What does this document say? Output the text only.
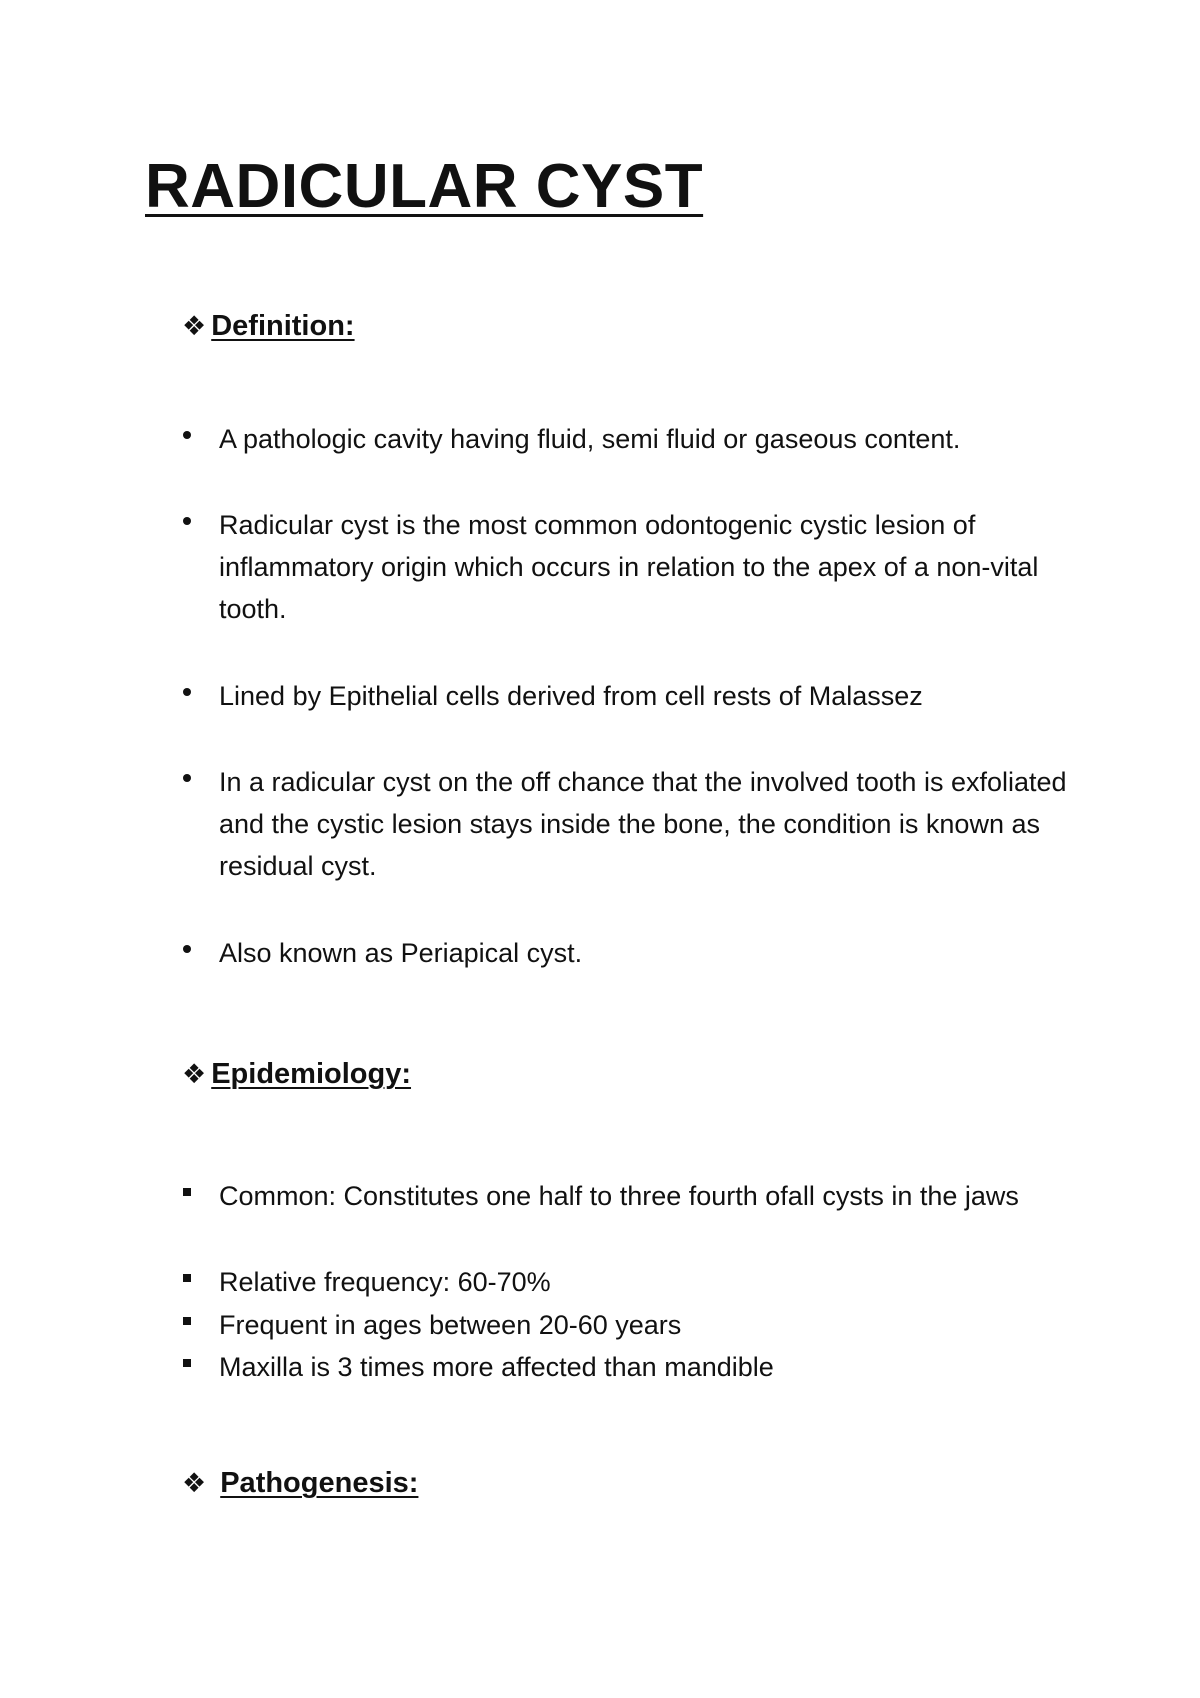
RADICULAR CYST
❖ Definition:

A pathologic cavity having fluid, semi fluid or gaseous content.

Radicular cyst is the most common odontogenic cystic lesion of inflammatory origin which occurs in relation to the apex of a non-vital tooth.

Lined by Epithelial cells derived from cell rests of Malassez

In a radicular cyst on the off chance that the involved tooth is exfoliated and the cystic lesion stays inside the bone, the condition is known as residual cyst.

Also known as Periapical cyst.

❖ Epidemiology:

Common: Constitutes one half to three fourth ofall cysts in the jaws

Relative frequency: 60-70%

Frequent in ages between 20-60 years

Maxilla is 3 times more affected than mandible

❖ Pathogenesis:
